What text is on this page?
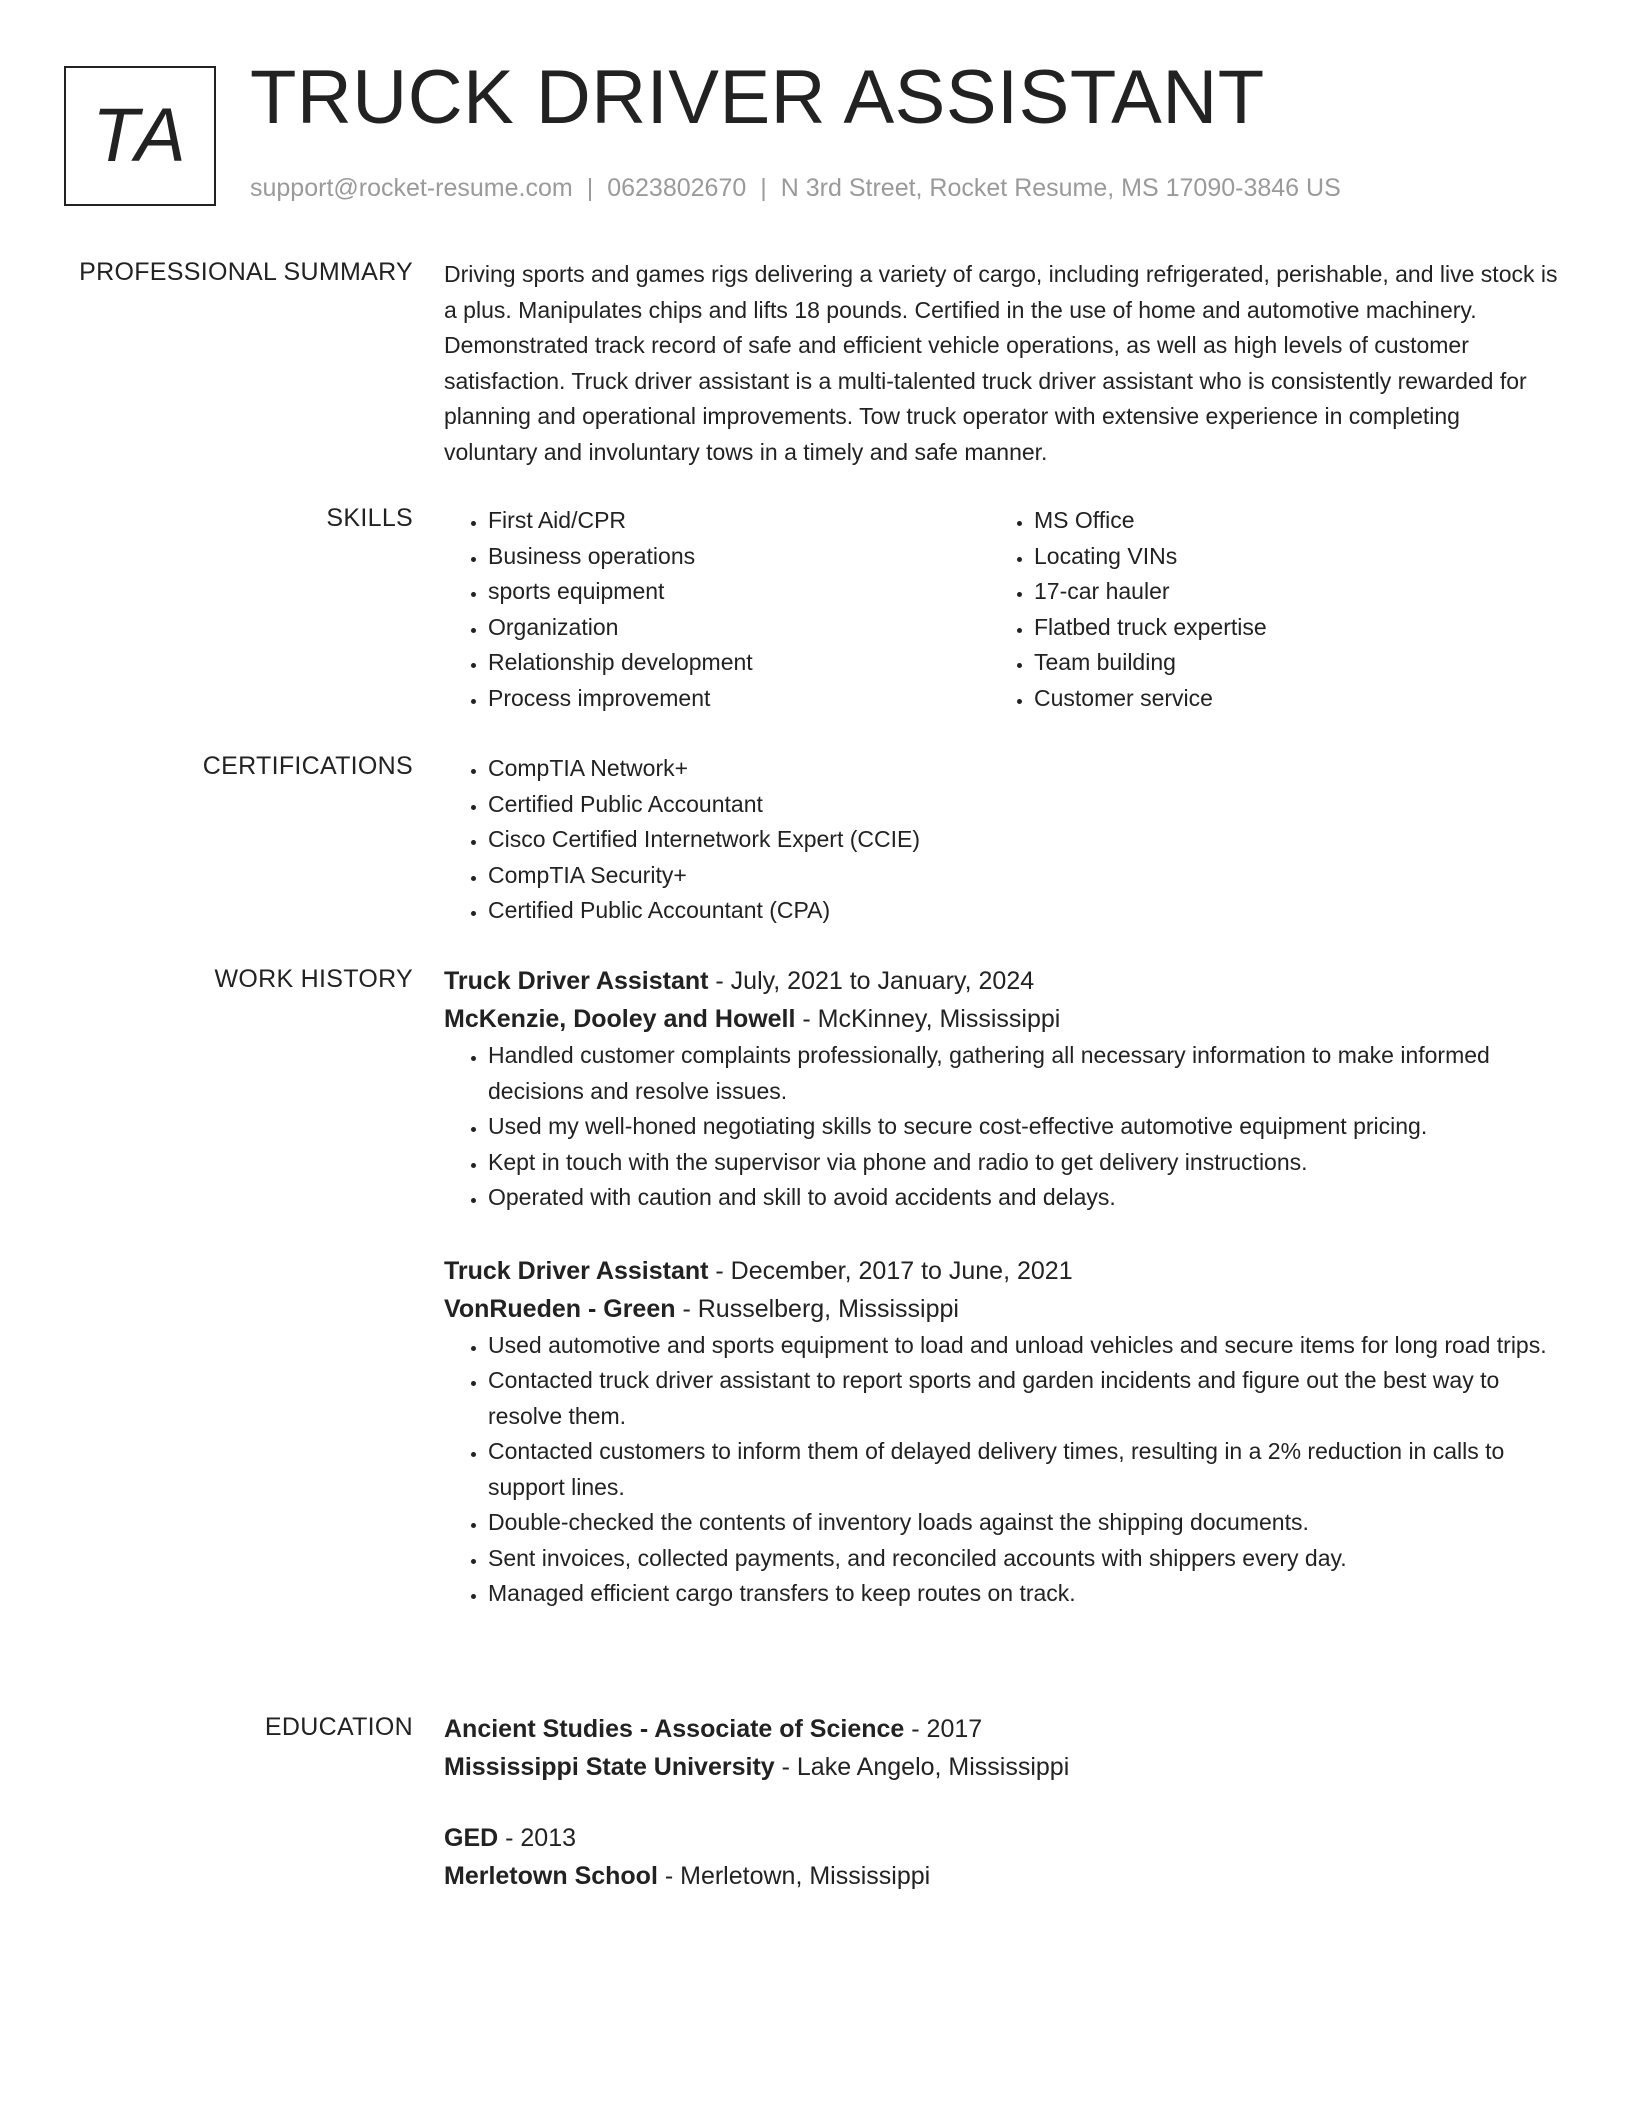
TA TRUCK DRIVER ASSISTANT
support@rocket-resume.com | 0623802670 | N 3rd Street, Rocket Resume, MS 17090-3846 US
PROFESSIONAL SUMMARY Driving sports and games rigs delivering a variety of cargo, including refrigerated, perishable, and live stock is a plus. Manipulates chips and lifts 18 pounds. Certified in the use of home and automotive machinery. Demonstrated track record of safe and efficient vehicle operations, as well as high levels of customer satisfaction. Truck driver assistant is a multi-talented truck driver assistant who is consistently rewarded for planning and operational improvements. Tow truck operator with extensive experience in completing voluntary and involuntary tows in a timely and safe manner.

SKILLS	• First Aid/CPR
• Business operations
• sports equipment
• Organization
• Relationship development
• Process improvement
• MS Office
• Locating VINs
• 17-car hauler
• Flatbed truck expertise
• Team building
• Customer service
CERTIFICATIONS	• CompTIA Network+
• Certified Public Accountant
• Cisco Certified Internetwork Expert (CCIE)
• CompTIA Security+
• Certified Public Accountant (CPA)
WORK HISTORY Truck Driver Assistant - July, 2021 to January, 2024
McKenzie, Dooley and Howell - McKinney, Mississippi
• Handled customer complaints professionally, gathering all necessary information to make informed decisions and resolve issues.
• Used my well-honed negotiating skills to secure cost-effective automotive equipment pricing.
• Kept in touch with the supervisor via phone and radio to get delivery instructions.
• Operated with caution and skill to avoid accidents and delays.
Truck Driver Assistant - December, 2017 to June, 2021
VonRueden - Green - Russelberg, Mississippi
• Used automotive and sports equipment to load and unload vehicles and secure items for long road trips.
• Contacted truck driver assistant to report sports and garden incidents and figure out the best way to resolve them.
• Contacted customers to inform them of delayed delivery times, resulting in a 2% reduction in calls to support lines.
• Double-checked the contents of inventory loads against the shipping documents.
• Sent invoices, collected payments, and reconciled accounts with shippers every day.
• Managed efficient cargo transfers to keep routes on track.
EDUCATION Ancient Studies - Associate of Science - 2017
Mississippi State University - Lake Angelo, Mississippi
GED - 2013
Merletown School - Merletown, Mississippi
